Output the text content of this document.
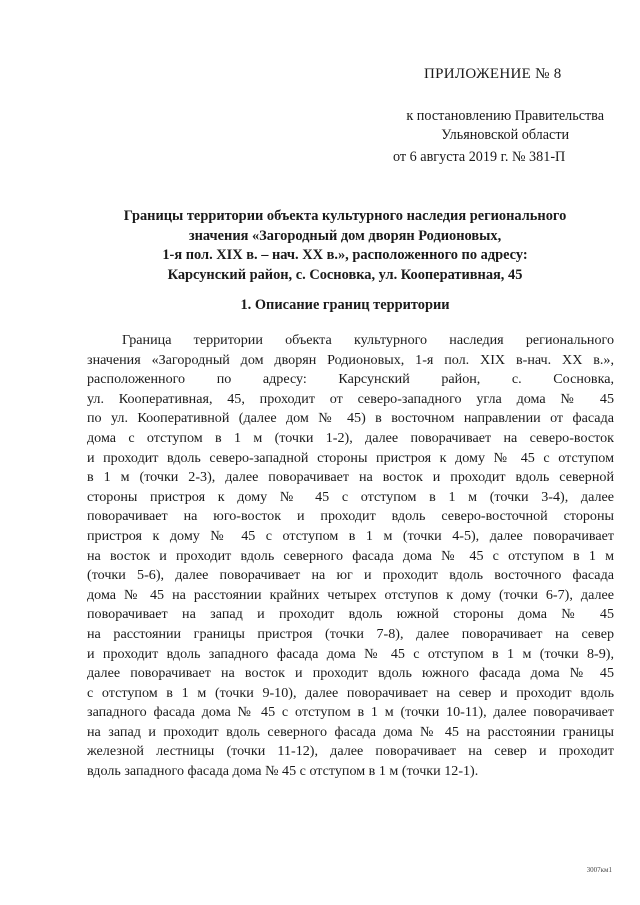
ПРИЛОЖЕНИЕ № 8
к постановлению Правительства
Ульяновской области
от 6 августа 2019 г. № 381-П
Границы территории объекта культурного наследия регионального
значения «Загородный дом дворян Родионовых,
1-я пол. XIX в. – нач. XX в.», расположенного по адресу:
Карсунский район, с. Сосновка, ул. Кооперативная, 45
1. Описание границ территории
Граница территории объекта культурного наследия регионального
значения «Загородный дом дворян Родионовых, 1-я пол. XIX в-нач. XX в.»,
расположенного по адресу: Карсунский район, с. Сосновка,
ул. Кооперативная, 45, проходит от северо-западного угла дома № 45
по ул. Кооперативной (далее дом № 45) в восточном направлении от фасада
дома с отступом в 1 м (точки 1-2), далее поворачивает на северо-восток
и проходит вдоль северо-западной стороны пристроя к дому № 45 с отступом
в 1 м (точки 2-3), далее поворачивает на восток и проходит вдоль северной
стороны пристроя к дому № 45 с отступом в 1 м (точки 3-4), далее
поворачивает на юго-восток и проходит вдоль северо-восточной стороны
пристроя к дому № 45 с отступом в 1 м (точки 4-5), далее поворачивает
на восток и проходит вдоль северного фасада дома № 45 с отступом в 1 м
(точки 5-6), далее поворачивает на юг и проходит вдоль восточного фасада
дома № 45 на расстоянии крайних четырех отступов к дому (точки 6-7), далее
поворачивает на запад и проходит вдоль южной стороны дома № 45
на расстоянии границы пристроя (точки 7-8), далее поворачивает на север
и проходит вдоль западного фасада дома № 45 с отступом в 1 м (точки 8-9),
далее поворачивает на восток и проходит вдоль южного фасада дома № 45
с отступом в 1 м (точки 9-10), далее поворачивает на север и проходит вдоль
западного фасада дома № 45 с отступом в 1 м (точки 10-11), далее поворачивает
на запад и проходит вдоль северного фасада дома № 45 на расстоянии границы
железной лестницы (точки 11-12), далее поворачивает на север и проходит
вдоль западного фасада дома № 45 с отступом в 1 м (точки 12-1).
3007км1
